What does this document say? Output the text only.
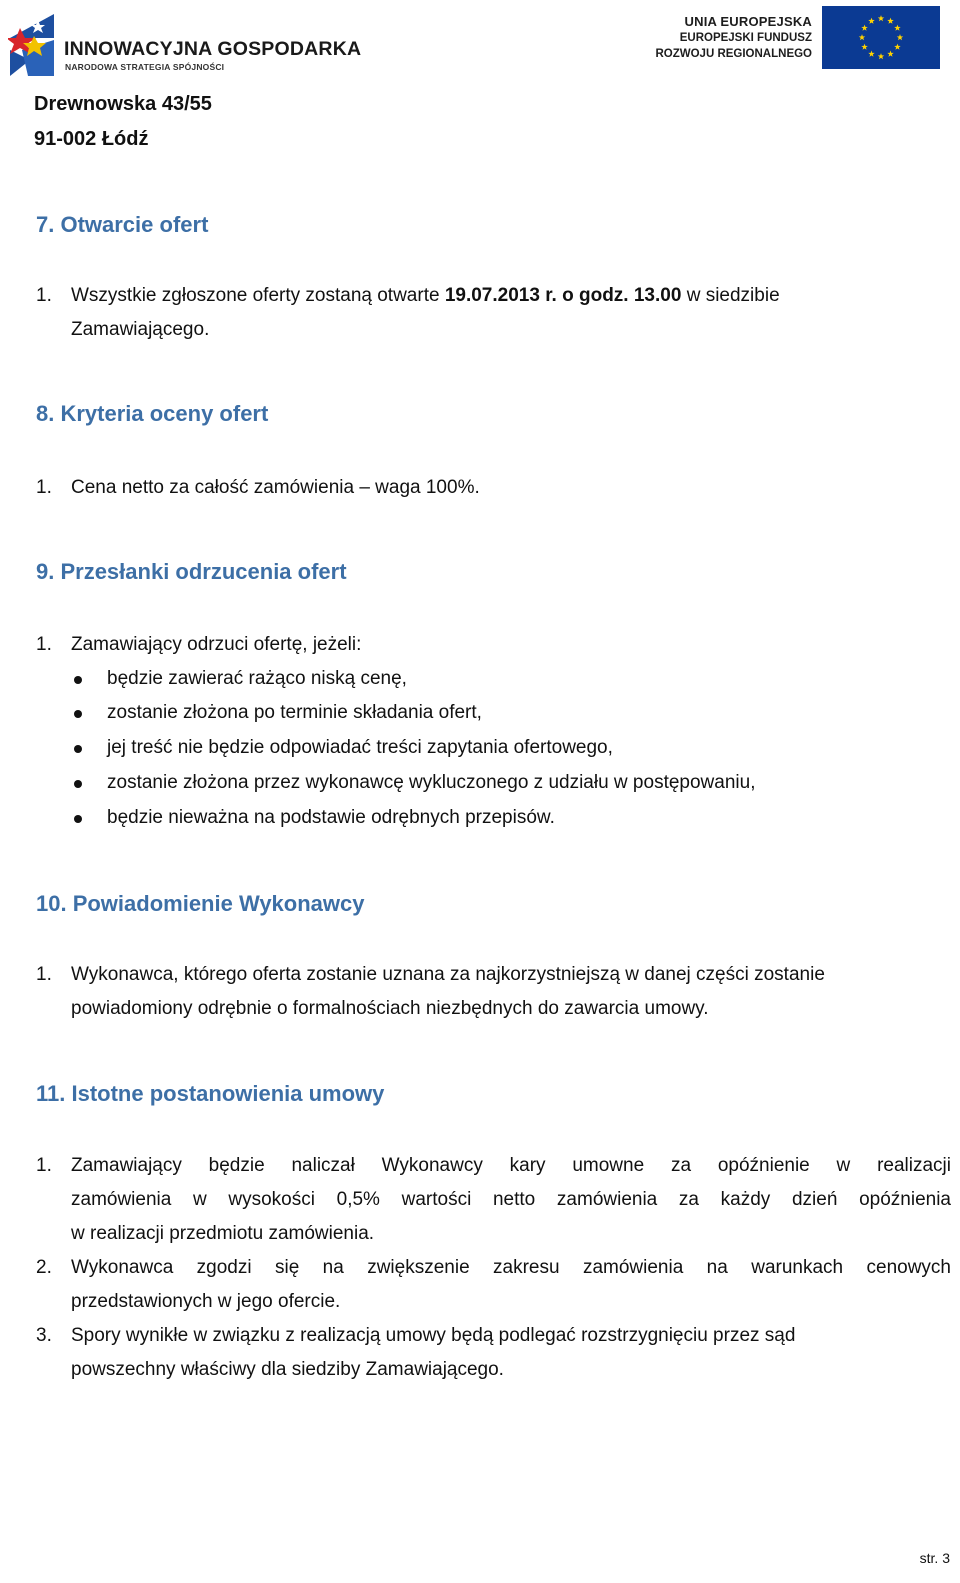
INNOWACYJNA GOSPODARKA
NARODOWA STRATEGIA SPÓJNOŚCI
UNIA EUROPEJSKA
EUROPEJSKI FUNDUSZ
ROZWOJU REGIONALNEGO
Drewnowska 43/55
91-002 Łódź
7. Otwarcie ofert
1. Wszystkie zgłoszone oferty zostaną otwarte 19.07.2013 r. o godz. 13.00 w siedzibie
Zamawiającego.
8. Kryteria oceny ofert
1. Cena netto za całość zamówienia – waga 100%.
9. Przesłanki odrzucenia ofert
1. Zamawiający odrzuci ofertę, jeżeli:
będzie zawierać rażąco niską cenę,
zostanie złożona po terminie składania ofert,
jej treść nie będzie odpowiadać treści zapytania ofertowego,
zostanie złożona przez wykonawcę wykluczonego z udziału w postępowaniu,
będzie nieważna na podstawie odrębnych przepisów.
10. Powiadomienie Wykonawcy
1. Wykonawca, którego oferta zostanie uznana za najkorzystniejszą w danej części zostanie
powiadomiony odrębnie o formalnościach niezbędnych do zawarcia umowy.
11. Istotne postanowienia umowy
1. Zamawiający będzie naliczał Wykonawcy kary umowne za opóźnienie w realizacji
zamówienia w wysokości 0,5% wartości netto zamówienia za każdy dzień opóźnienia
w realizacji przedmiotu zamówienia.
2. Wykonawca zgodzi się na zwiększenie zakresu zamówienia na warunkach cenowych
przedstawionych w jego ofercie.
3. Spory wynikłe w związku z realizacją umowy będą podlegać rozstrzygnięciu przez sąd
powszechny właściwy dla siedziby Zamawiającego.
str. 3
